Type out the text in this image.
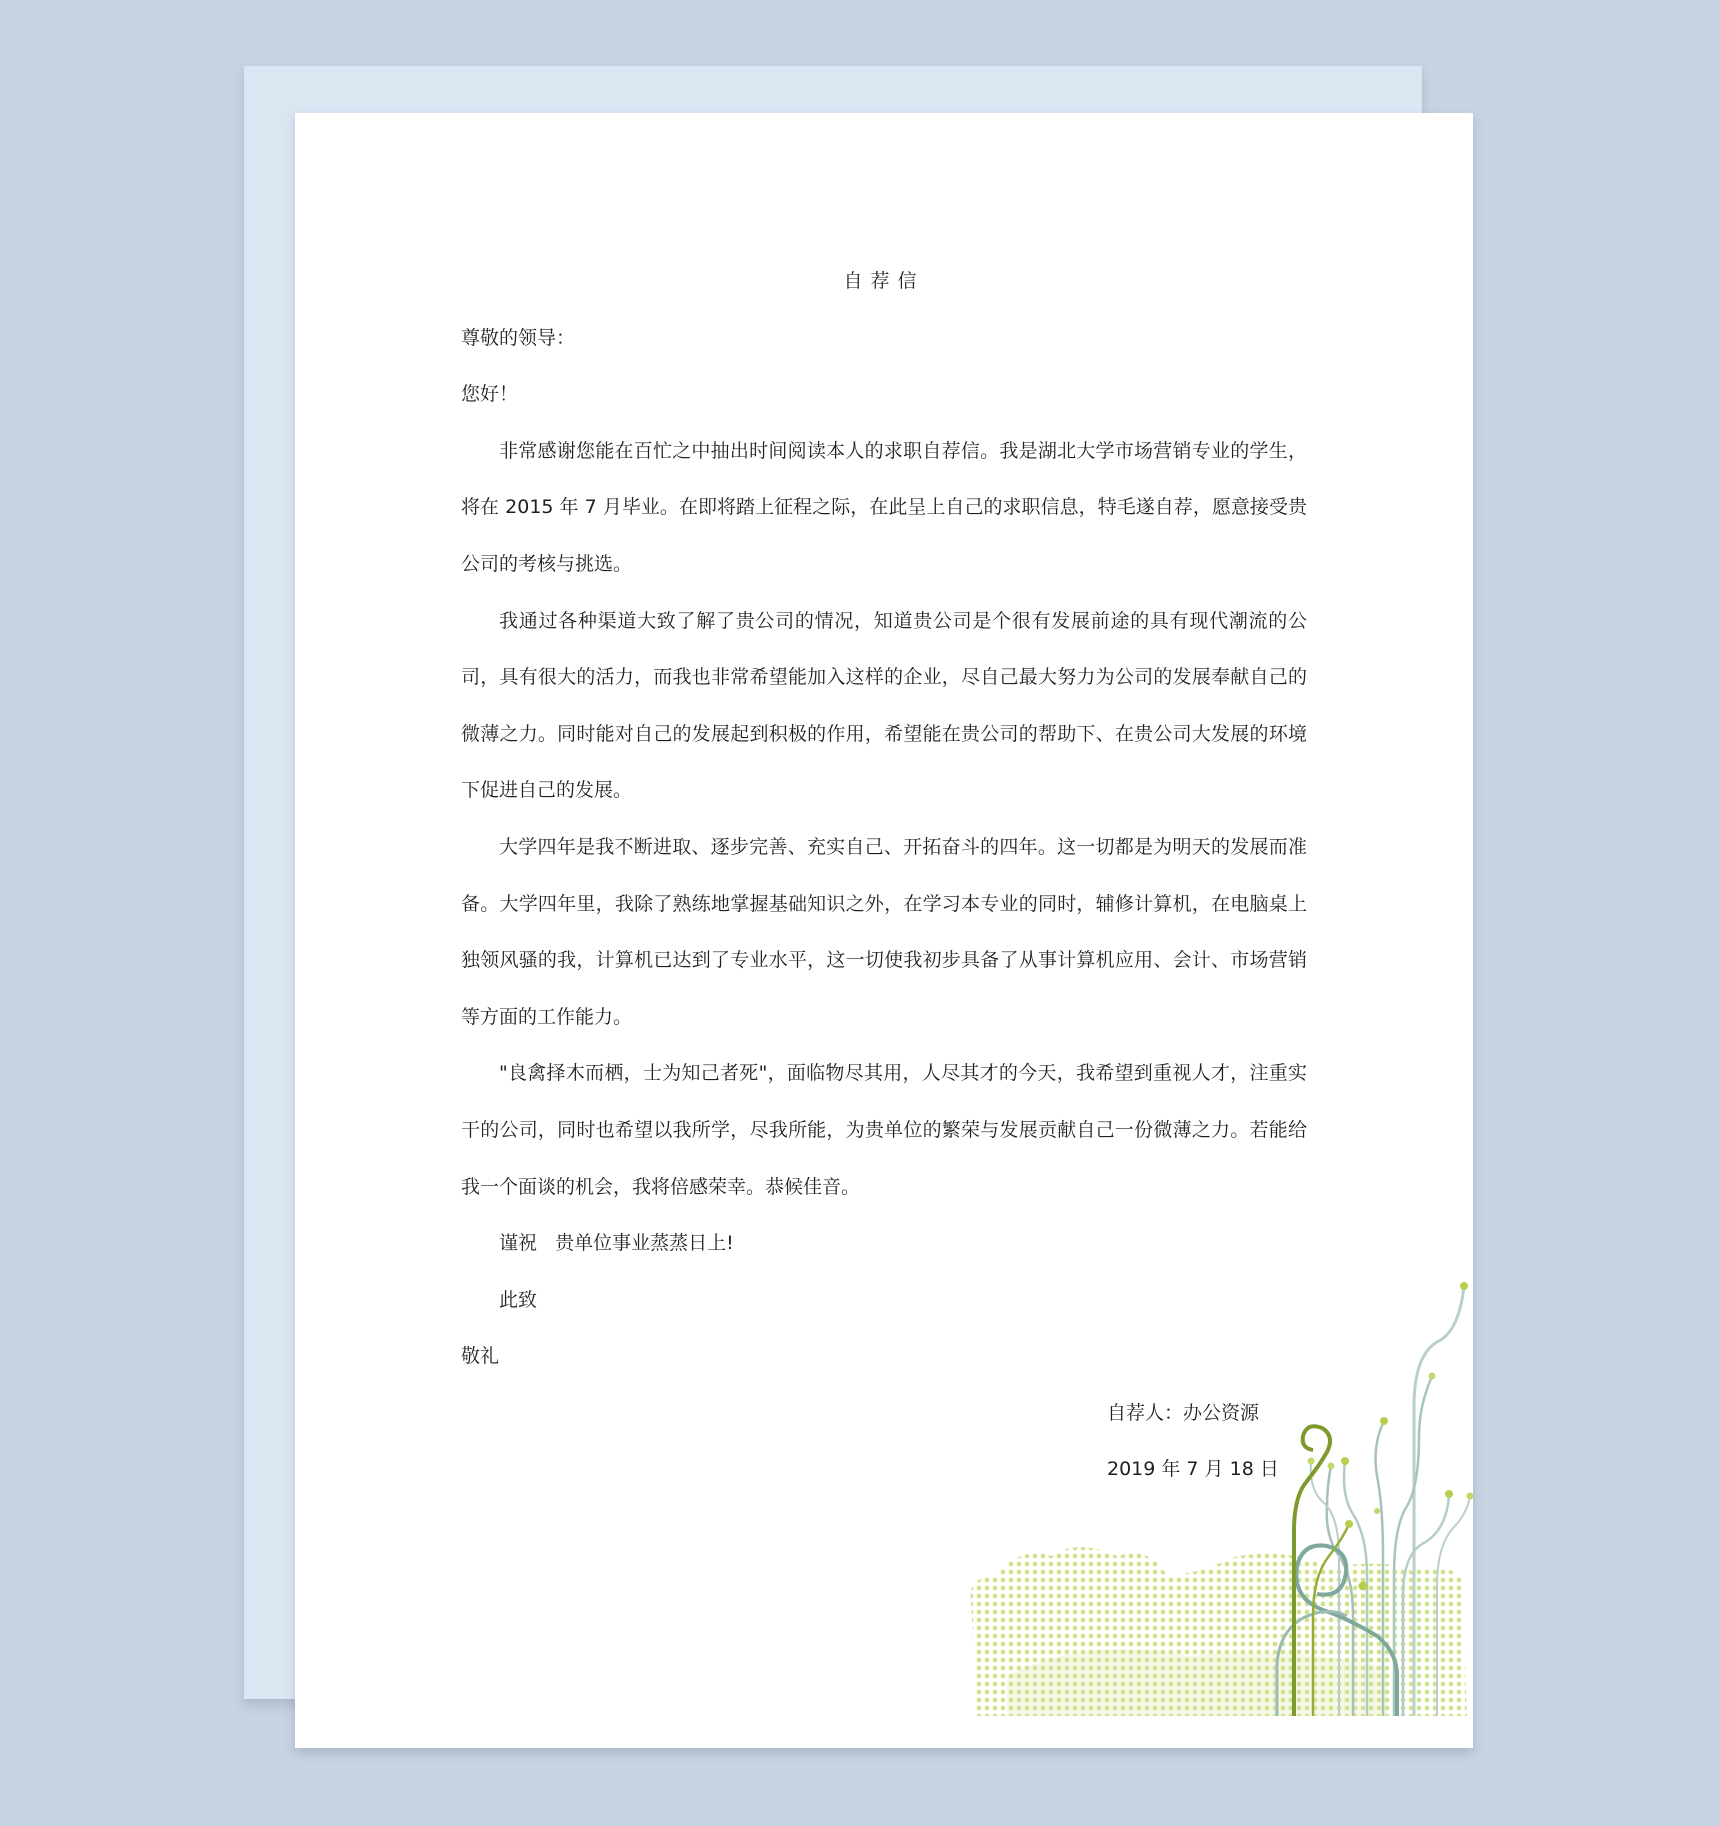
自荐信

尊敬的领导：

您好！

非常感谢您能在百忙之中抽出时间阅读本人的求职自荐信。我是湖北大学市场营销专业的学生，将在 2015 年 7 月毕业。在即将踏上征程之际，在此呈上自己的求职信息，特毛遂自荐，愿意接受贵公司的考核与挑选。

我通过各种渠道大致了解了贵公司的情况，知道贵公司是个很有发展前途的具有现代潮流的公司，具有很大的活力，而我也非常希望能加入这样的企业，尽自己最大努力为公司的发展奉献自己的微薄之力。同时能对自己的发展起到积极的作用，希望能在贵公司的帮助下、在贵公司大发展的环境下促进自己的发展。

大学四年是我不断进取、逐步完善、充实自己、开拓奋斗的四年。这一切都是为明天的发展而准备。大学四年里，我除了熟练地掌握基础知识之外，在学习本专业的同时，辅修计算机，在电脑桌上独领风骚的我，计算机已达到了专业水平，这一切使我初步具备了从事计算机应用、会计、市场营销等方面的工作能力。

"良禽择木而栖，士为知己者死"，面临物尽其用，人尽其才的今天，我希望到重视人才，注重实干的公司，同时也希望以我所学，尽我所能，为贵单位的繁荣与发展贡献自己一份微薄之力。若能给我一个面谈的机会，我将倍感荣幸。恭候佳音。

谨祝   贵单位事业蒸蒸日上!

此致

敬礼

自荐人：办公资源

2019 年 7 月 18 日
